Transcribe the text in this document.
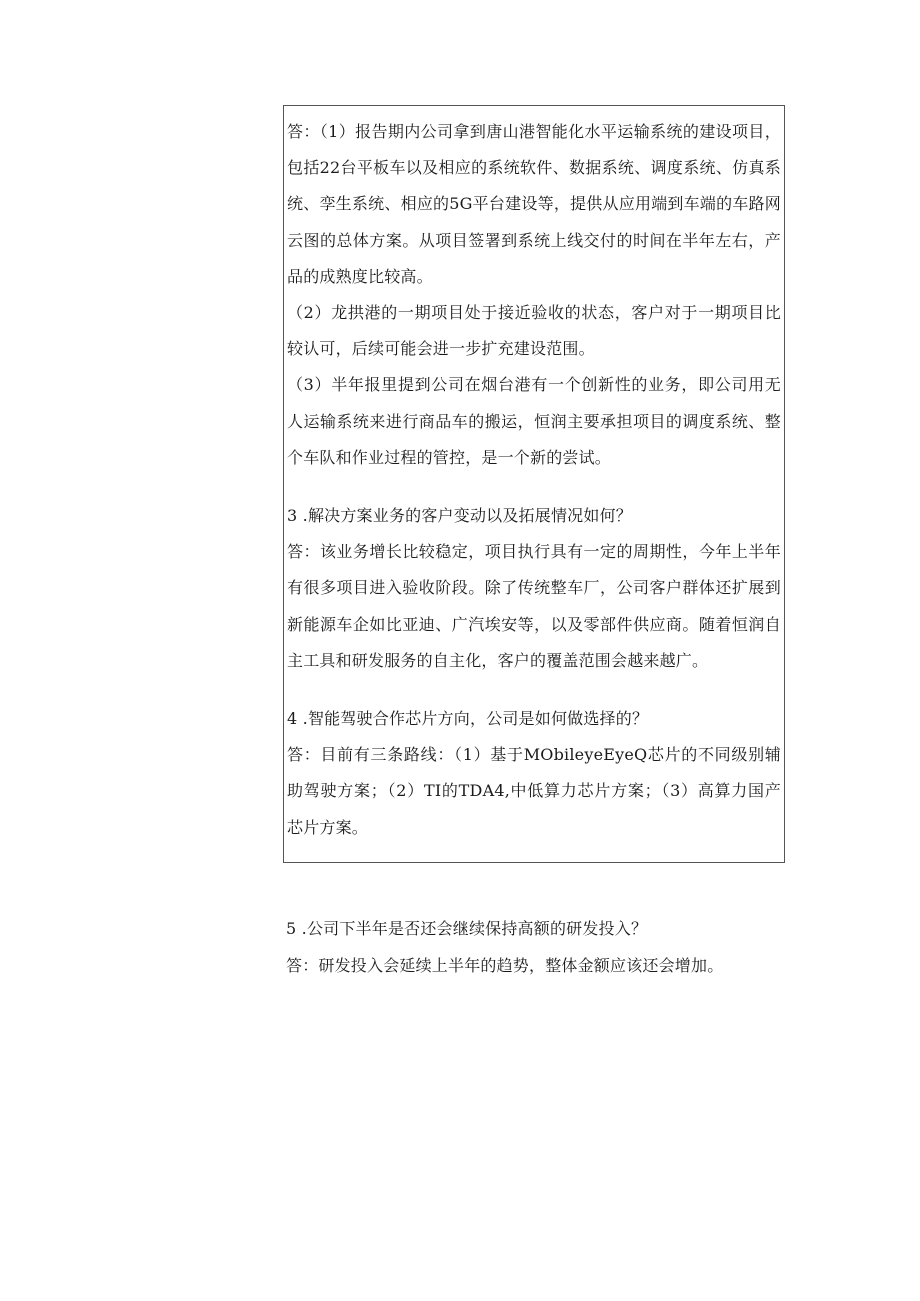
答：（1）报告期内公司拿到唐山港智能化水平运输系统的建设项目，包括22台平板车以及相应的系统软件、数据系统、调度系统、仿真系统、孪生系统、相应的5G平台建设等，提供从应用端到车端的车路网云图的总体方案。从项目签署到系统上线交付的时间在半年左右，产品的成熟度比较高。

（2）龙拱港的一期项目处于接近验收的状态，客户对于一期项目比较认可，后续可能会进一步扩充建设范围。

（3）半年报里提到公司在烟台港有一个创新性的业务，即公司用无人运输系统来进行商品车的搬运，恒润主要承担项目的调度系统、整个车队和作业过程的管控，是一个新的尝试。

3 .解决方案业务的客户变动以及拓展情况如何？

答：该业务增长比较稳定，项目执行具有一定的周期性，今年上半年有很多项目进入验收阶段。除了传统整车厂，公司客户群体还扩展到新能源车企如比亚迪、广汽埃安等，以及零部件供应商。随着恒润自主工具和研发服务的自主化，客户的覆盖范围会越来越广。

4 .智能驾驶合作芯片方向，公司是如何做选择的？

答：目前有三条路线：（1）基于MObileyeEyeQ芯片的不同级别辅助驾驶方案；（2）TI的TDA4,中低算力芯片方案；（3）高算力国产芯片方案。

5 .公司下半年是否还会继续保持高额的研发投入？

答：研发投入会延续上半年的趋势，整体金额应该还会增加。
